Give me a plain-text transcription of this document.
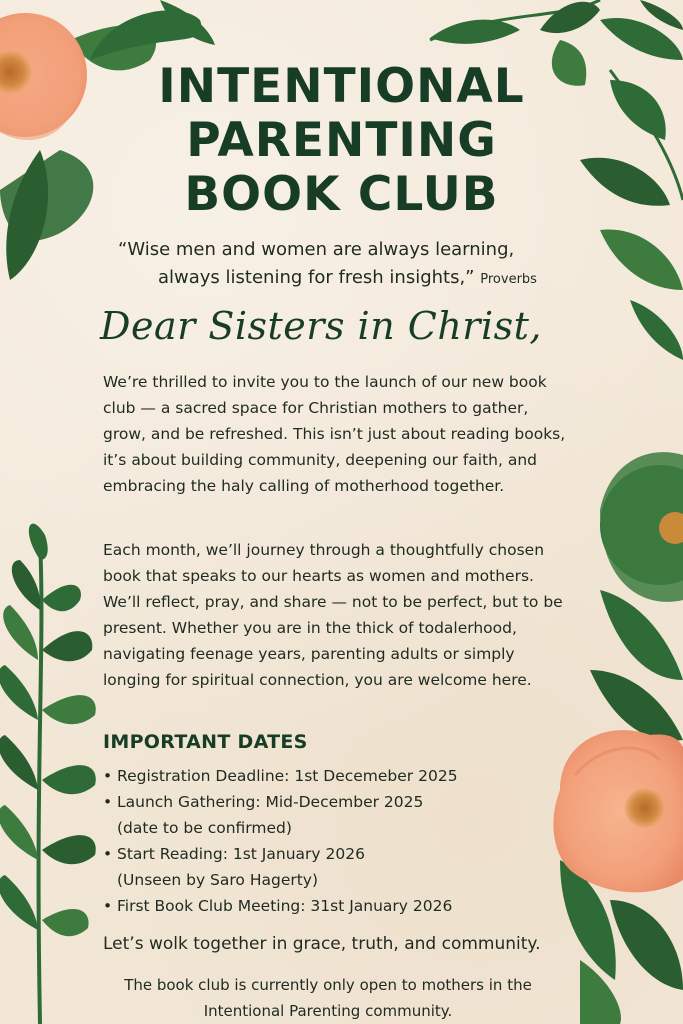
INTENTIONAL
PARENTING
BOOK CLUB
“Wise men and women are always learning,
always listening for fresh insights,” Proverbs
Dear Sisters in Christ,

We’re thrilled to invite you to the launch of our new book club — a sacred space for Christian mothers to gather, grow, and be refreshed. This isn’t just about reading books, it’s about building community, deepening our faith, and embracing the haly calling of motherhood together.

Each month, we’ll journey through a thoughtfully chosen book that speaks to our hearts as women and mothers. We’ll reflect, pray, and share — not to be perfect, but to be present. Whether you are in the thick of todalerhood, navigating feenage years, parenting adults or simply longing for spiritual connection, you are welcome here.

IMPORTANT DATES
• Registration Deadline: 1st Decemeber 2025
• Launch Gathering: Mid-December 2025
(date to be confirmed)
• Start Reading: 1st January 2026
(Unseen by Saro Hagerty)
• First Book Club Meeting: 31st January 2026
Let’s wolk together in grace, truth, and community.
The book club is currently only open to mothers in the
Intentional Parenting community.
